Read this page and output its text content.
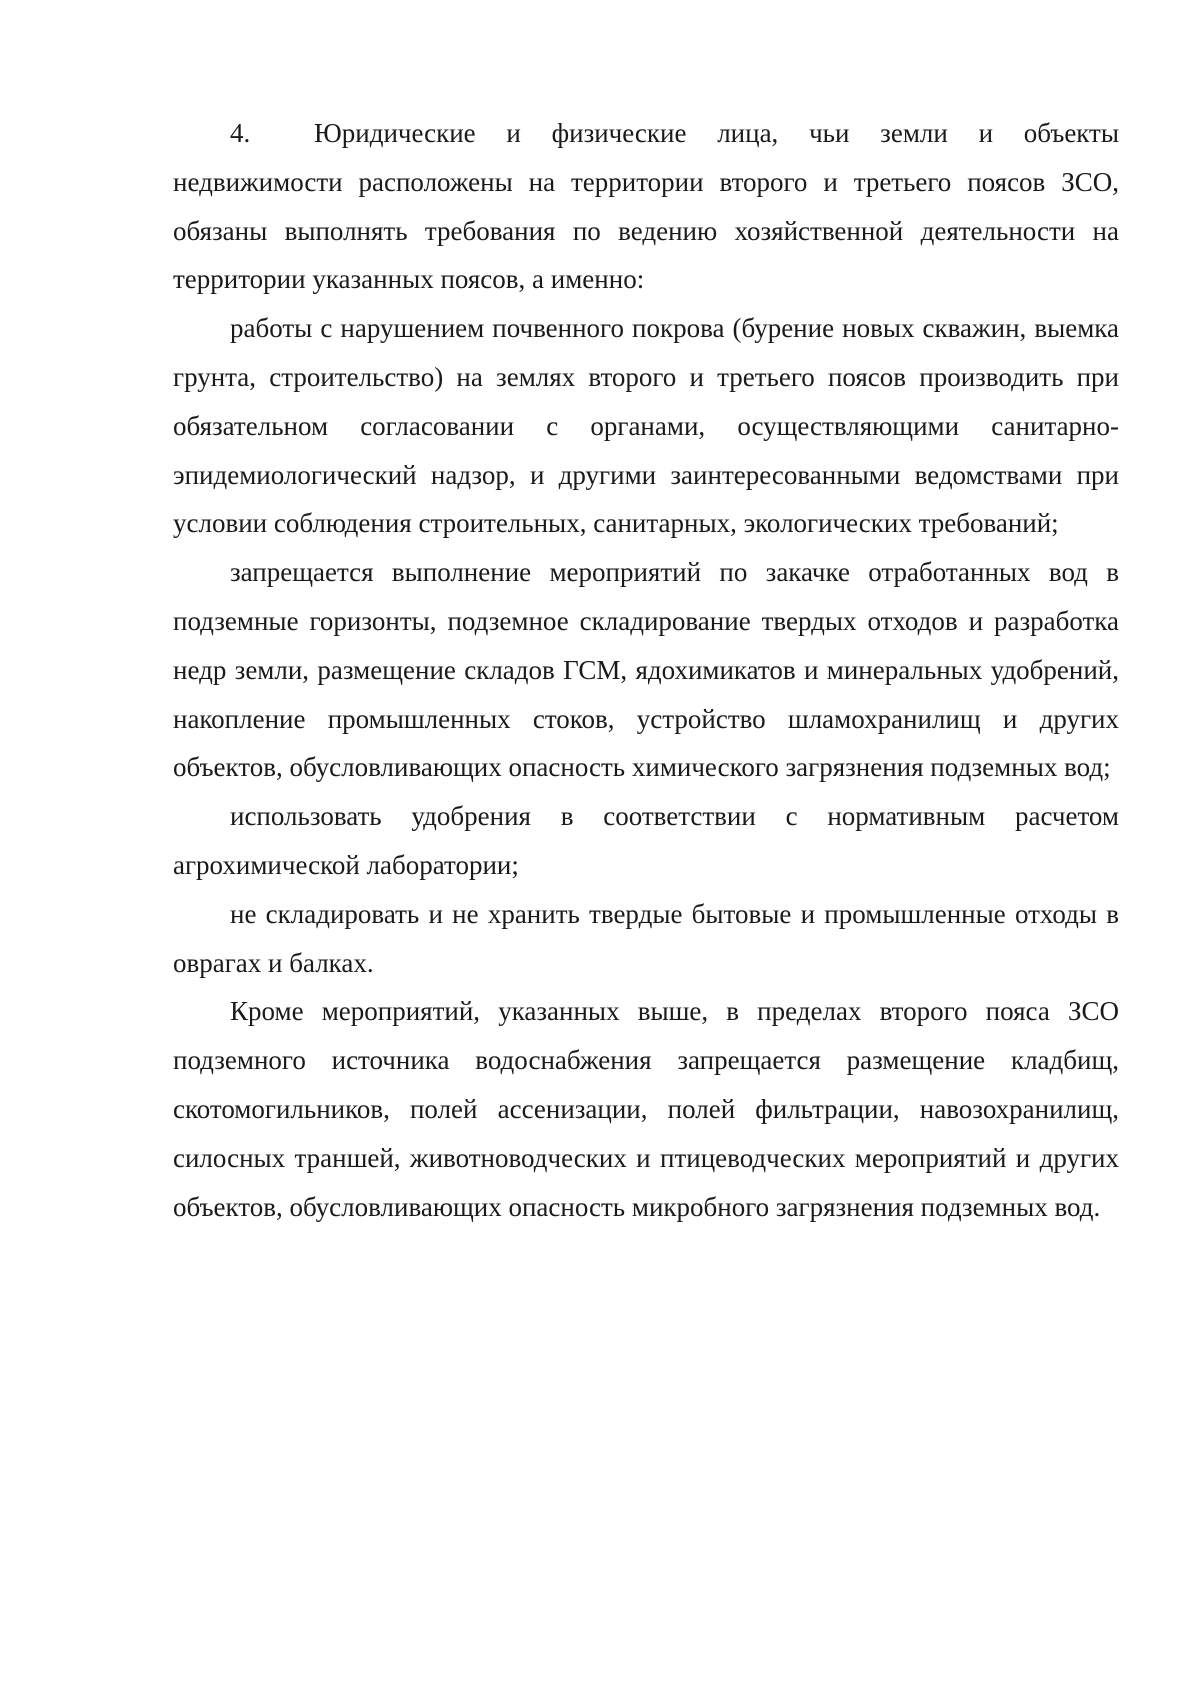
4. Юридические и физические лица, чьи земли и объекты недвижимости расположены на территории второго и третьего поясов ЗСО, обязаны выполнять требования по ведению хозяйственной деятельности на территории указанных поясов, а именно:

работы с нарушением почвенного покрова (бурение новых скважин, выемка грунта, строительство) на землях второго и третьего поясов производить при обязательном согласовании с органами, осуществляющими санитарно-эпидемиологический надзор, и другими заинтересованными ведомствами при условии соблюдения строительных, санитарных, экологических требований;

запрещается выполнение мероприятий по закачке отработанных вод в подземные горизонты, подземное складирование твердых отходов и разработка недр земли, размещение складов ГСМ, ядохимикатов и минеральных удобрений, накопление промышленных стоков, устройство шламохранилищ и других объектов, обусловливающих опасность химического загрязнения подземных вод;

использовать удобрения в соответствии с нормативным расчетом агрохимической лаборатории;

не складировать и не хранить твердые бытовые и промышленные отходы в оврагах и балках.

Кроме мероприятий, указанных выше, в пределах второго пояса ЗСО подземного источника водоснабжения запрещается размещение кладбищ, скотомогильников, полей ассенизации, полей фильтрации, навозохранилищ, силосных траншей, животноводческих и птицеводческих мероприятий и других объектов, обусловливающих опасность микробного загрязнения подземных вод.
